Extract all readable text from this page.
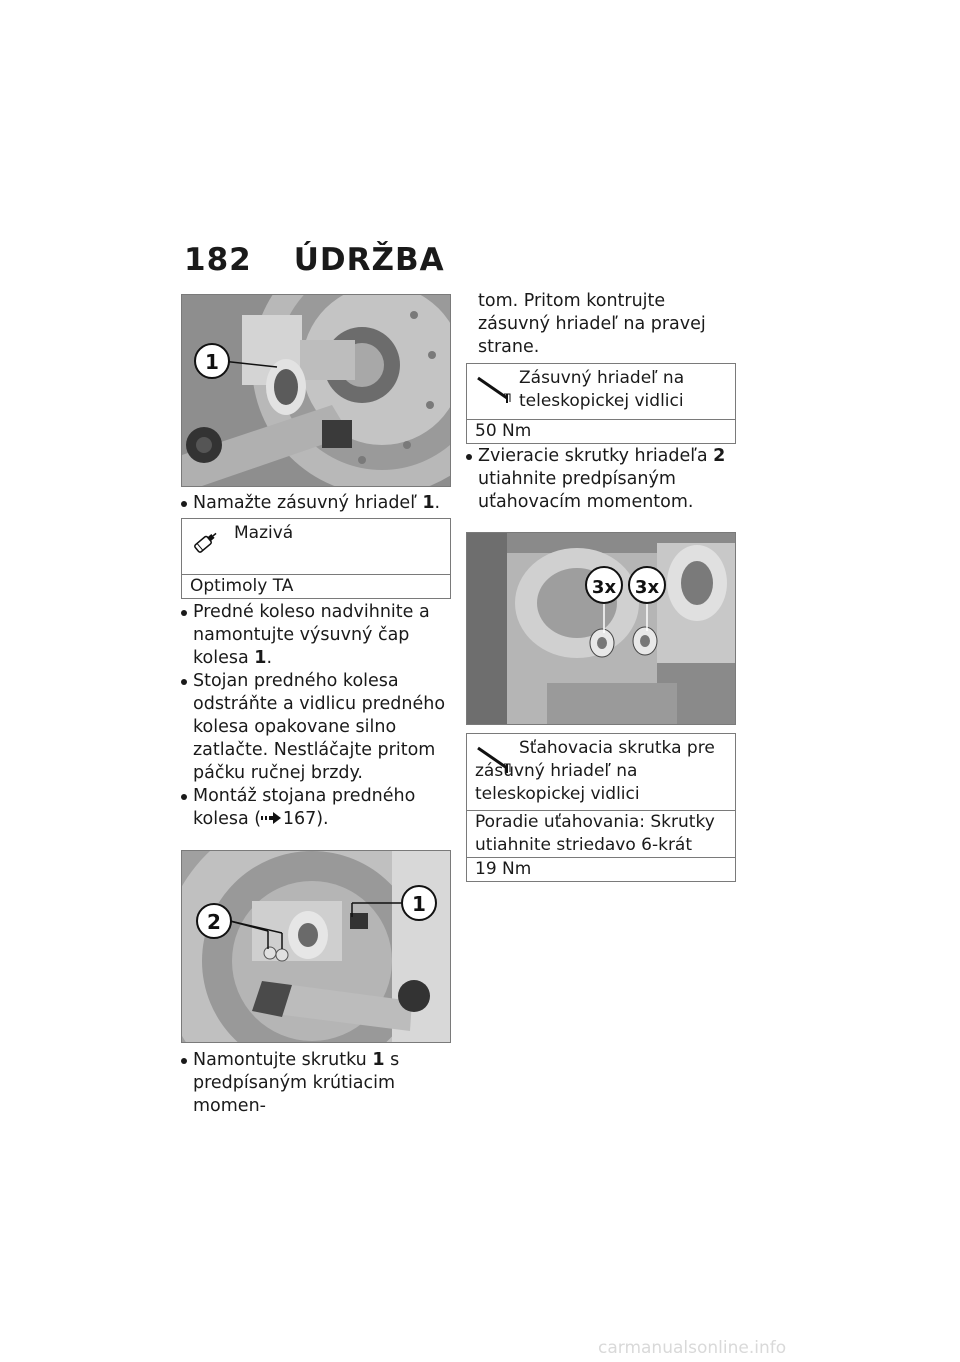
182 ÚDRŽBA
1

Namažte zásuvný hriadeľ 1.

Mazivá
Optimoly TA

Predné koleso nadvihnite a namontujte výsuvný čap kolesa 1.

Stojan predného kolesa odstráňte a vidlicu predného kolesa opakovane silno zatlačte. Nestláčajte pritom páčku ručnej brzdy.

Montáž stojana predného kolesa (  167).

2
1

Namontujte skrutku 1 s predpísaným krútiacim momen-

tom. Pritom kontrujte zásuvný hriadeľ na pravej strane.

Zásuvný hriadeľ na teleskopickej vidlici
50 Nm

Zvieracie skrutky hriadeľa 2 utiahnite predpísaným uťahovacím momentom.

3x 3x
Sťahovacia skrutka pre zásuvný hriadeľ na teleskopickej vidlici
Poradie uťahovania: Skrutky utiahnite striedavo 6-krát
19 Nm
carmanualsonline.info
